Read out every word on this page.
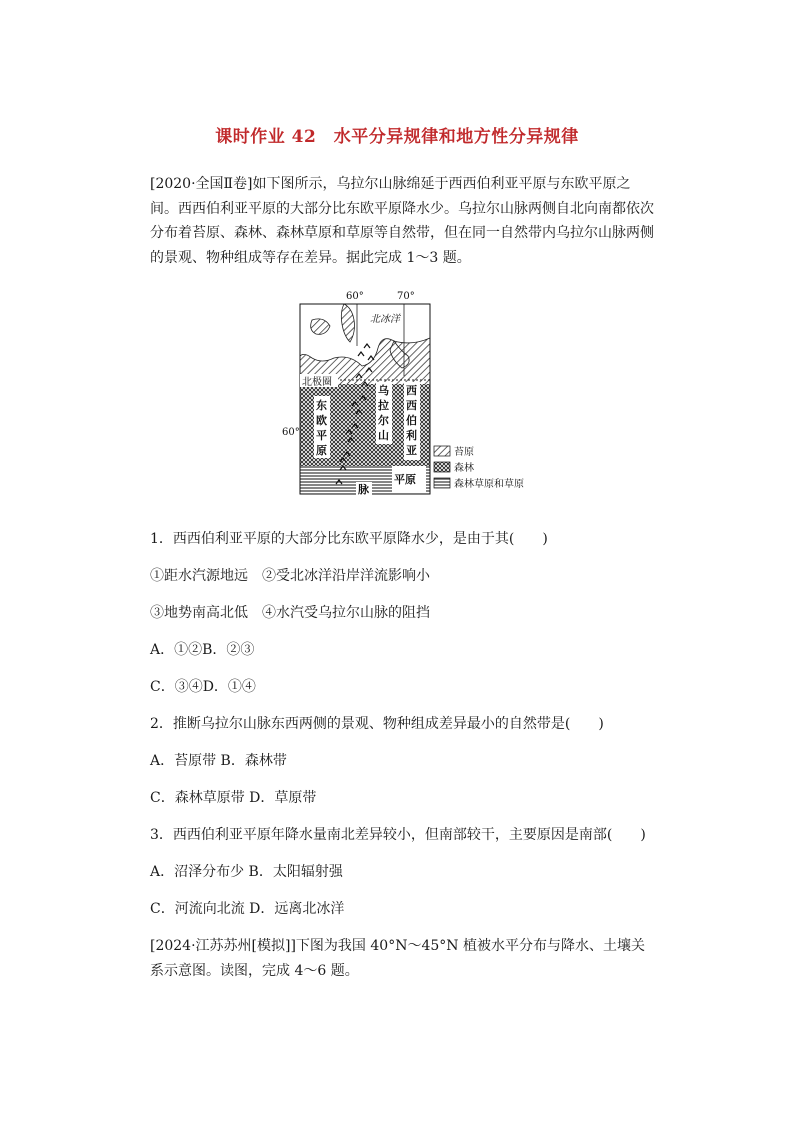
课时作业 42　水平分异规律和地方性分异规律
[2020·全国Ⅱ卷]如下图所示，乌拉尔山脉绵延于西西伯利亚平原与东欧平原之间。西西伯利亚平原的大部分比东欧平原降水少。乌拉尔山脉两侧自北向南都依次分布着苔原、森林、森林草原和草原等自然带，但在同一自然带内乌拉尔山脉两侧的景观、物种组成等存在差异。据此完成 1～3 题。
60°	70°
60°
北冰洋
北极圈
东
欧
平
原
乌
拉
尔
山
脉
西
西
伯
利
亚
平原
苔原
森林
森林草原和草原
1．西西伯利亚平原的大部分比东欧平原降水少，是由于其(　　)
①距水汽源地远　②受北冰洋沿岸洋流影响小
③地势南高北低　④水汽受乌拉尔山脉的阻挡
A．①②B．②③
C．③④D．①④
2．推断乌拉尔山脉东西两侧的景观、物种组成差异最小的自然带是(　　)
A．苔原带 B．森林带
C．森林草原带 D．草原带
3．西西伯利亚平原年降水量南北差异较小，但南部较干，主要原因是南部(　　)
A．沼泽分布少 B．太阳辐射强
C．河流向北流 D．远离北冰洋
[2024·江苏苏州[模拟]]下图为我国 40°N～45°N 植被水平分布与降水、土壤关系示意图。读图，完成 4～6 题。
